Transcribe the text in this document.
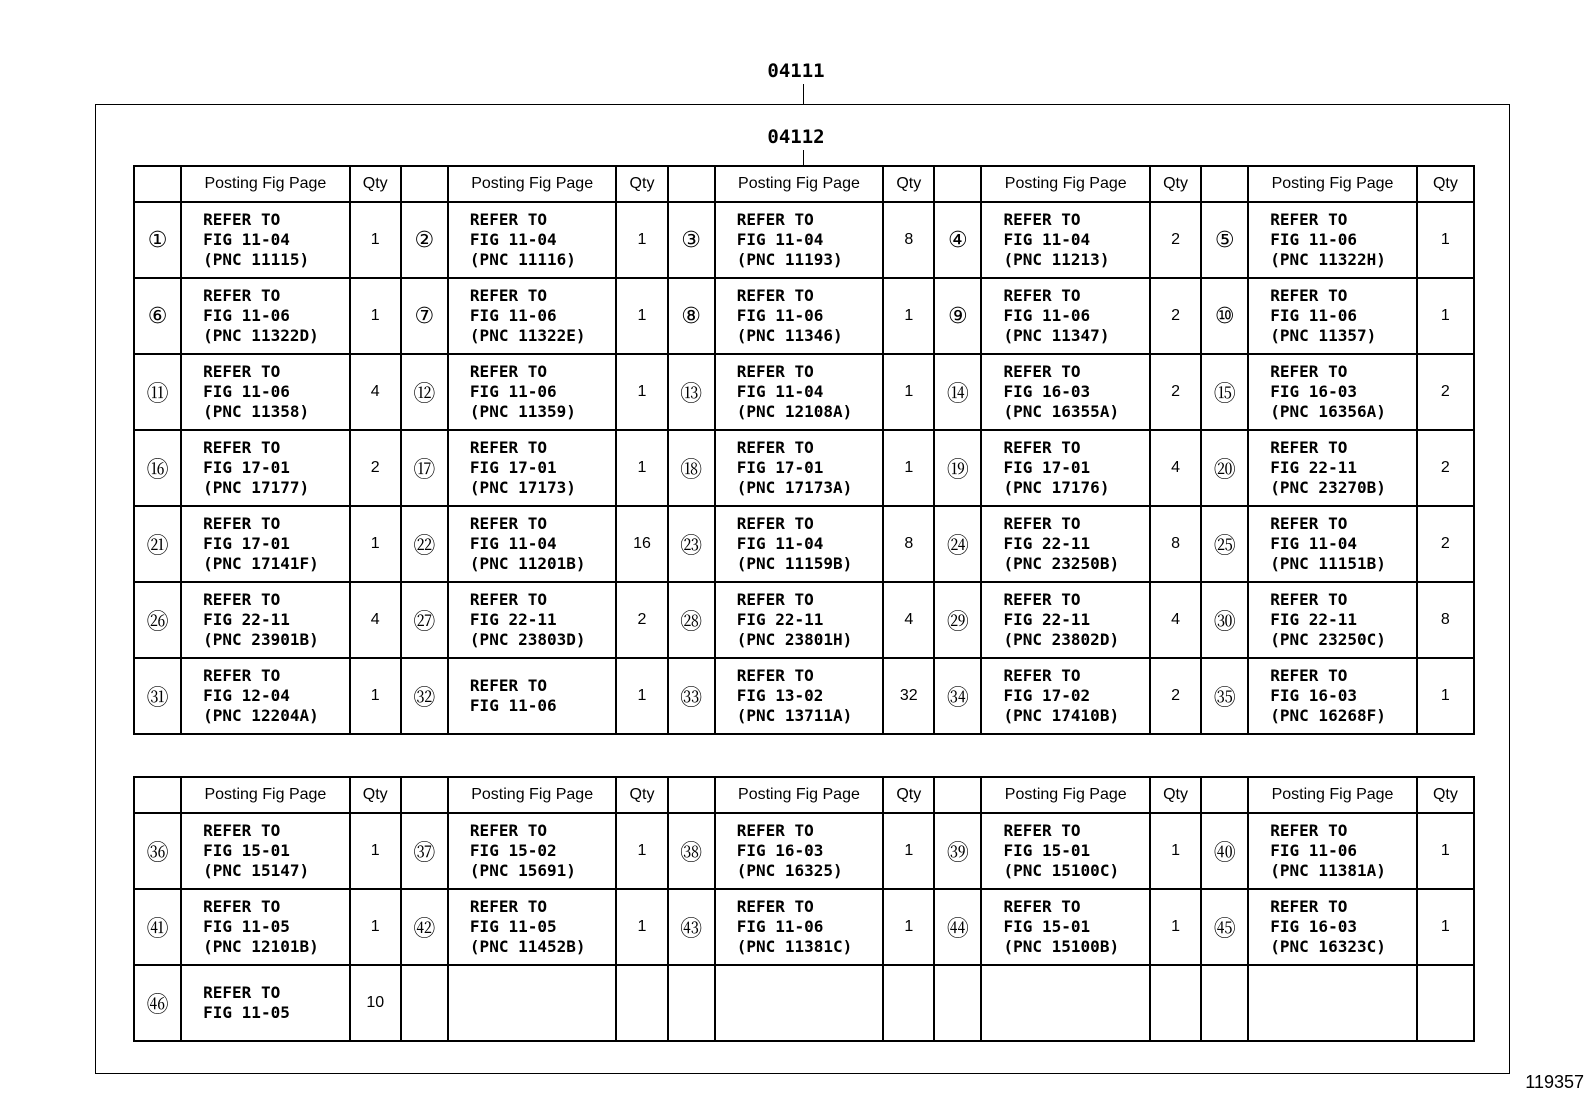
04111
04112
	Posting Fig Page	Qty		Posting Fig Page	Qty		Posting Fig Page	Qty		Posting Fig Page	Qty		Posting Fig Page	Qty
①	REFER TO
FIG 11-04
(PNC 11115)	1	②	REFER TO
FIG 11-04
(PNC 11116)	1	③	REFER TO
FIG 11-04
(PNC 11193)	8	④	REFER TO
FIG 11-04
(PNC 11213)	2	⑤	REFER TO
FIG 11-06
(PNC 11322H)	1
⑥	REFER TO
FIG 11-06
(PNC 11322D)	1	⑦	REFER TO
FIG 11-06
(PNC 11322E)	1	⑧	REFER TO
FIG 11-06
(PNC 11346)	1	⑨	REFER TO
FIG 11-06
(PNC 11347)	2	⑩	REFER TO
FIG 11-06
(PNC 11357)	1
⑪	REFER TO
FIG 11-06
(PNC 11358)	4	⑫	REFER TO
FIG 11-06
(PNC 11359)	1	⑬	REFER TO
FIG 11-04
(PNC 12108A)	1	⑭	REFER TO
FIG 16-03
(PNC 16355A)	2	⑮	REFER TO
FIG 16-03
(PNC 16356A)	2
⑯	REFER TO
FIG 17-01
(PNC 17177)	2	⑰	REFER TO
FIG 17-01
(PNC 17173)	1	⑱	REFER TO
FIG 17-01
(PNC 17173A)	1	⑲	REFER TO
FIG 17-01
(PNC 17176)	4	⑳	REFER TO
FIG 22-11
(PNC 23270B)	2
㉑	REFER TO
FIG 17-01
(PNC 17141F)	1	㉒	REFER TO
FIG 11-04
(PNC 11201B)	16	㉓	REFER TO
FIG 11-04
(PNC 11159B)	8	㉔	REFER TO
FIG 22-11
(PNC 23250B)	8	㉕	REFER TO
FIG 11-04
(PNC 11151B)	2
㉖	REFER TO
FIG 22-11
(PNC 23901B)	4	㉗	REFER TO
FIG 22-11
(PNC 23803D)	2	㉘	REFER TO
FIG 22-11
(PNC 23801H)	4	㉙	REFER TO
FIG 22-11
(PNC 23802D)	4	㉚	REFER TO
FIG 22-11
(PNC 23250C)	8
㉛	REFER TO
FIG 12-04
(PNC 12204A)	1	㉜	REFER TO
FIG 11-06	1	㉝	REFER TO
FIG 13-02
(PNC 13711A)	32	㉞	REFER TO
FIG 17-02
(PNC 17410B)	2	㉟	REFER TO
FIG 16-03
(PNC 16268F)	1
	Posting Fig Page	Qty		Posting Fig Page	Qty		Posting Fig Page	Qty		Posting Fig Page	Qty		Posting Fig Page	Qty
㊱	REFER TO
FIG 15-01
(PNC 15147)	1	㊲	REFER TO
FIG 15-02
(PNC 15691)	1	㊳	REFER TO
FIG 16-03
(PNC 16325)	1	㊴	REFER TO
FIG 15-01
(PNC 15100C)	1	㊵	REFER TO
FIG 11-06
(PNC 11381A)	1
㊶	REFER TO
FIG 11-05
(PNC 12101B)	1	㊷	REFER TO
FIG 11-05
(PNC 11452B)	1	㊸	REFER TO
FIG 11-06
(PNC 11381C)	1	㊹	REFER TO
FIG 15-01
(PNC 15100B)	1	㊺	REFER TO
FIG 16-03
(PNC 16323C)	1
㊻	REFER TO
FIG 11-05	10		

119357
